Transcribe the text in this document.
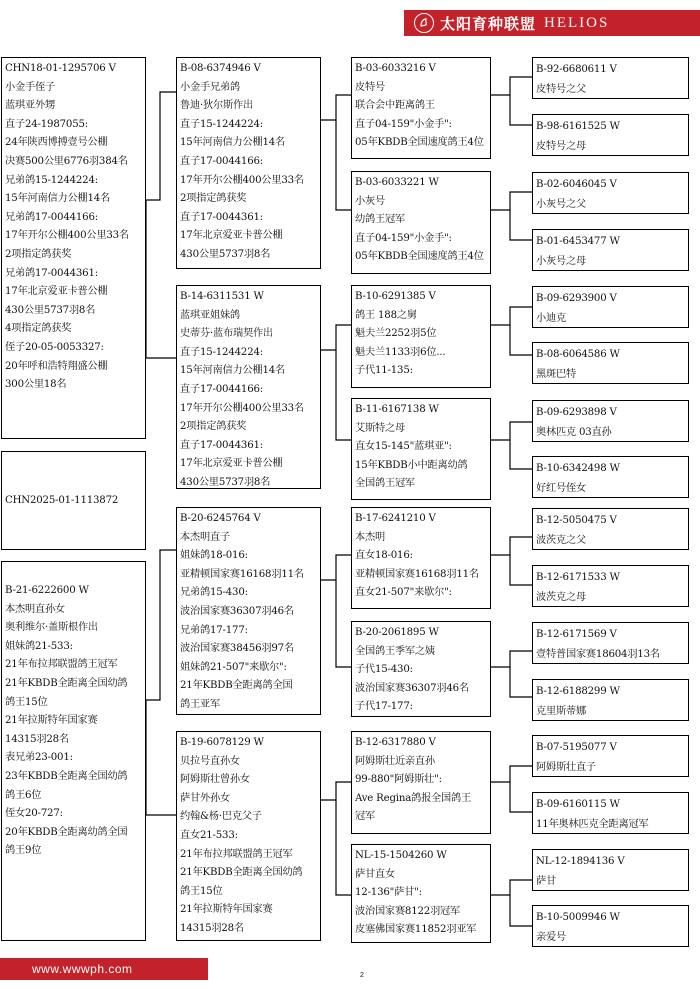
太阳育种联盟 HELIOS
CHN18-01-1295706 V
小金手侄子
蓝琪亚外甥
直子24-1987055:
24年陕西博搏壹号公棚
决赛500公里6776羽384名
兄弟鸽15-1244224:
15年河南信力公棚14名
兄弟鸽17-0044166:
17年开尔公棚400公里33名
2项指定鸽获奖
兄弟鸽17-0044361:
17年北京爱亚卡普公棚
430公里5737羽8名
4项指定鸽获奖
侄子20-05-0053327:
20年呼和浩特翔盛公棚
300公里18名
CHN2025-01-1113872
B-21-6222600 W
本杰明直孙女
奥利维尔·盖斯根作出
姐妹鸽21-533:
21年布拉邦联盟鸽王冠军
21年KBDB全距离全国幼鸽
鸽王15位
21年拉斯特年国家赛
14315羽28名
表兄弟23-001:
23年KBDB全距离全国幼鸽
鸽王6位
侄女20-727:
20年KBDB全距离幼鸽全国
鸽王9位
B-08-6374946 V
小金手兄弟鸽
鲁迪·狄尔斯作出
直子15-1244224:
15年河南信力公棚14名
直子17-0044166:
17年开尔公棚400公里33名
2项指定鸽获奖
直子17-0044361:
17年北京爱亚卡普公棚
430公里5737羽8名
B-14-6311531 W
蓝琪亚姐妹鸽
史蒂芬·蓝布瑞契作出
直子15-1244224:
15年河南信力公棚14名
直子17-0044166:
17年开尔公棚400公里33名
2项指定鸽获奖
直子17-0044361:
17年北京爱亚卡普公棚
430公里5737羽8名
B-20-6245764 V
本杰明直子
姐妹鸽18-016:
亚精顿国家赛16168羽11名
兄弟鸽15-430:
波治国家赛36307羽46名
兄弟鸽17-177:
波治国家赛38456羽97名
姐妹鸽21-507"来歇尔":
21年KBDB全距离鸽全国
鸽王亚军
B-19-6078129 W
贝拉号直孙女
阿姆斯壮曾孙女
萨甘外孙女
约翰&杨·巴克父子
直女21-533:
21年布拉邦联盟鸽王冠军
21年KBDB全距离全国幼鸽
鸽王15位
21年拉斯特年国家赛
14315羽28名
B-03-6033216 V
皮特号
联合会中距离鸽王
直子04-159"小金手":
05年KBDB全国速度鸽王4位
B-03-6033221 W
小灰号
幼鸽王冠军
直子04-159"小金手":
05年KBDB全国速度鸽王4位
B-10-6291385 V
鸽王 188之舅
魁夫兰2252羽5位
魁夫兰1133羽6位...
子代11-135:
B-11-6167138 W
艾斯特之母
直女15-145"蓝琪亚":
15年KBDB小中距离幼鸽
全国鸽王冠军
B-17-6241210 V
本杰明
直女18-016:
亚精顿国家赛16168羽11名
直女21-507"来歇尔":
B-20-2061895 W
全国鸽王季军之姨
子代15-430:
波治国家赛36307羽46名
子代17-177:
B-12-6317880 V
阿姆斯壮近亲直孙
99-880"阿姆斯壮":
Ave Regina鸽报全国鸽王
冠军
NL-15-1504260 W
萨甘直女
12-136"萨甘":
波治国家赛8122羽冠军
皮塞佛国家赛11852羽亚军
B-92-6680611 V
皮特号之父
B-98-6161525 W
皮特号之母
B-02-6046045 V
小灰号之父
B-01-6453477 W
小灰号之母
B-09-6293900 V
小迪克
B-08-6064586 W
黑斑巴特
B-09-6293898 V
奥林匹克 03直孙
B-10-6342498 W
好红号侄女
B-12-5050475 V
波茨克之父
B-12-6171533 W
波茨克之母
B-12-6171569 V
壹特普国家赛18604羽13名
B-12-6188299 W
克里斯蒂娜
B-07-5195077 V
阿姆斯壮直子
B-09-6160115 W
11年奥林匹克全距离冠军
NL-12-1894136 V
萨甘
B-10-5009946 W
亲爱号
www.wwwph.com	2
